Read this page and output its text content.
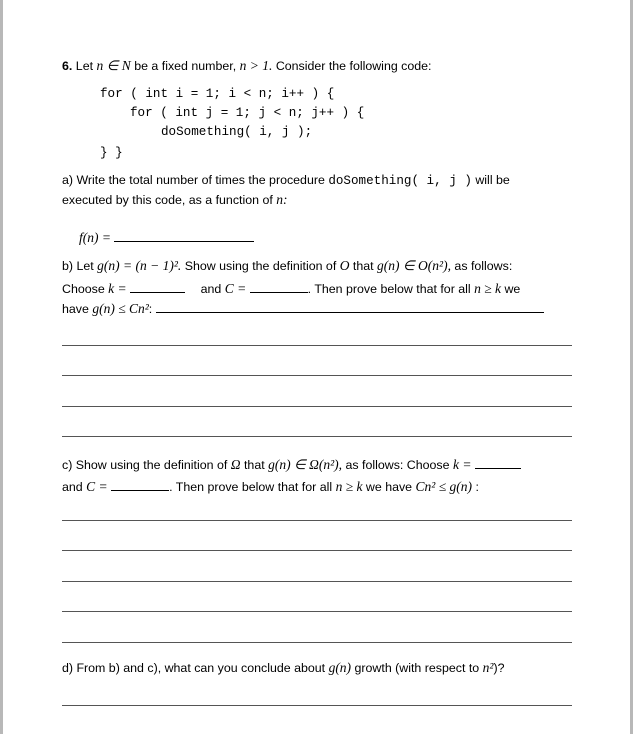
6. Let n ∈ N be a fixed number, n > 1. Consider the following code:
for ( int i = 1; i < n; i++ ) {
for ( int j = 1; j < n; j++ ) {
doSomething( i, j );
} }
a) Write the total number of times the procedure doSomething( i, j ) will be
executed by this code, as a function of n:
f(n) =
b) Let g(n) = (n − 1)². Show using the definition of O that g(n) ∈ O(n²), as follows:
Choose k =	and C =	. Then prove below that for all n ≥ k we
have g(n) ≤ Cn²:
c) Show using the definition of Ω that g(n) ∈ Ω(n²), as follows: Choose k =
and C =	. Then prove below that for all n ≥ k we have Cn² ≤ g(n) :
d) From b) and c), what can you conclude about g(n) growth (with respect to n²)?
